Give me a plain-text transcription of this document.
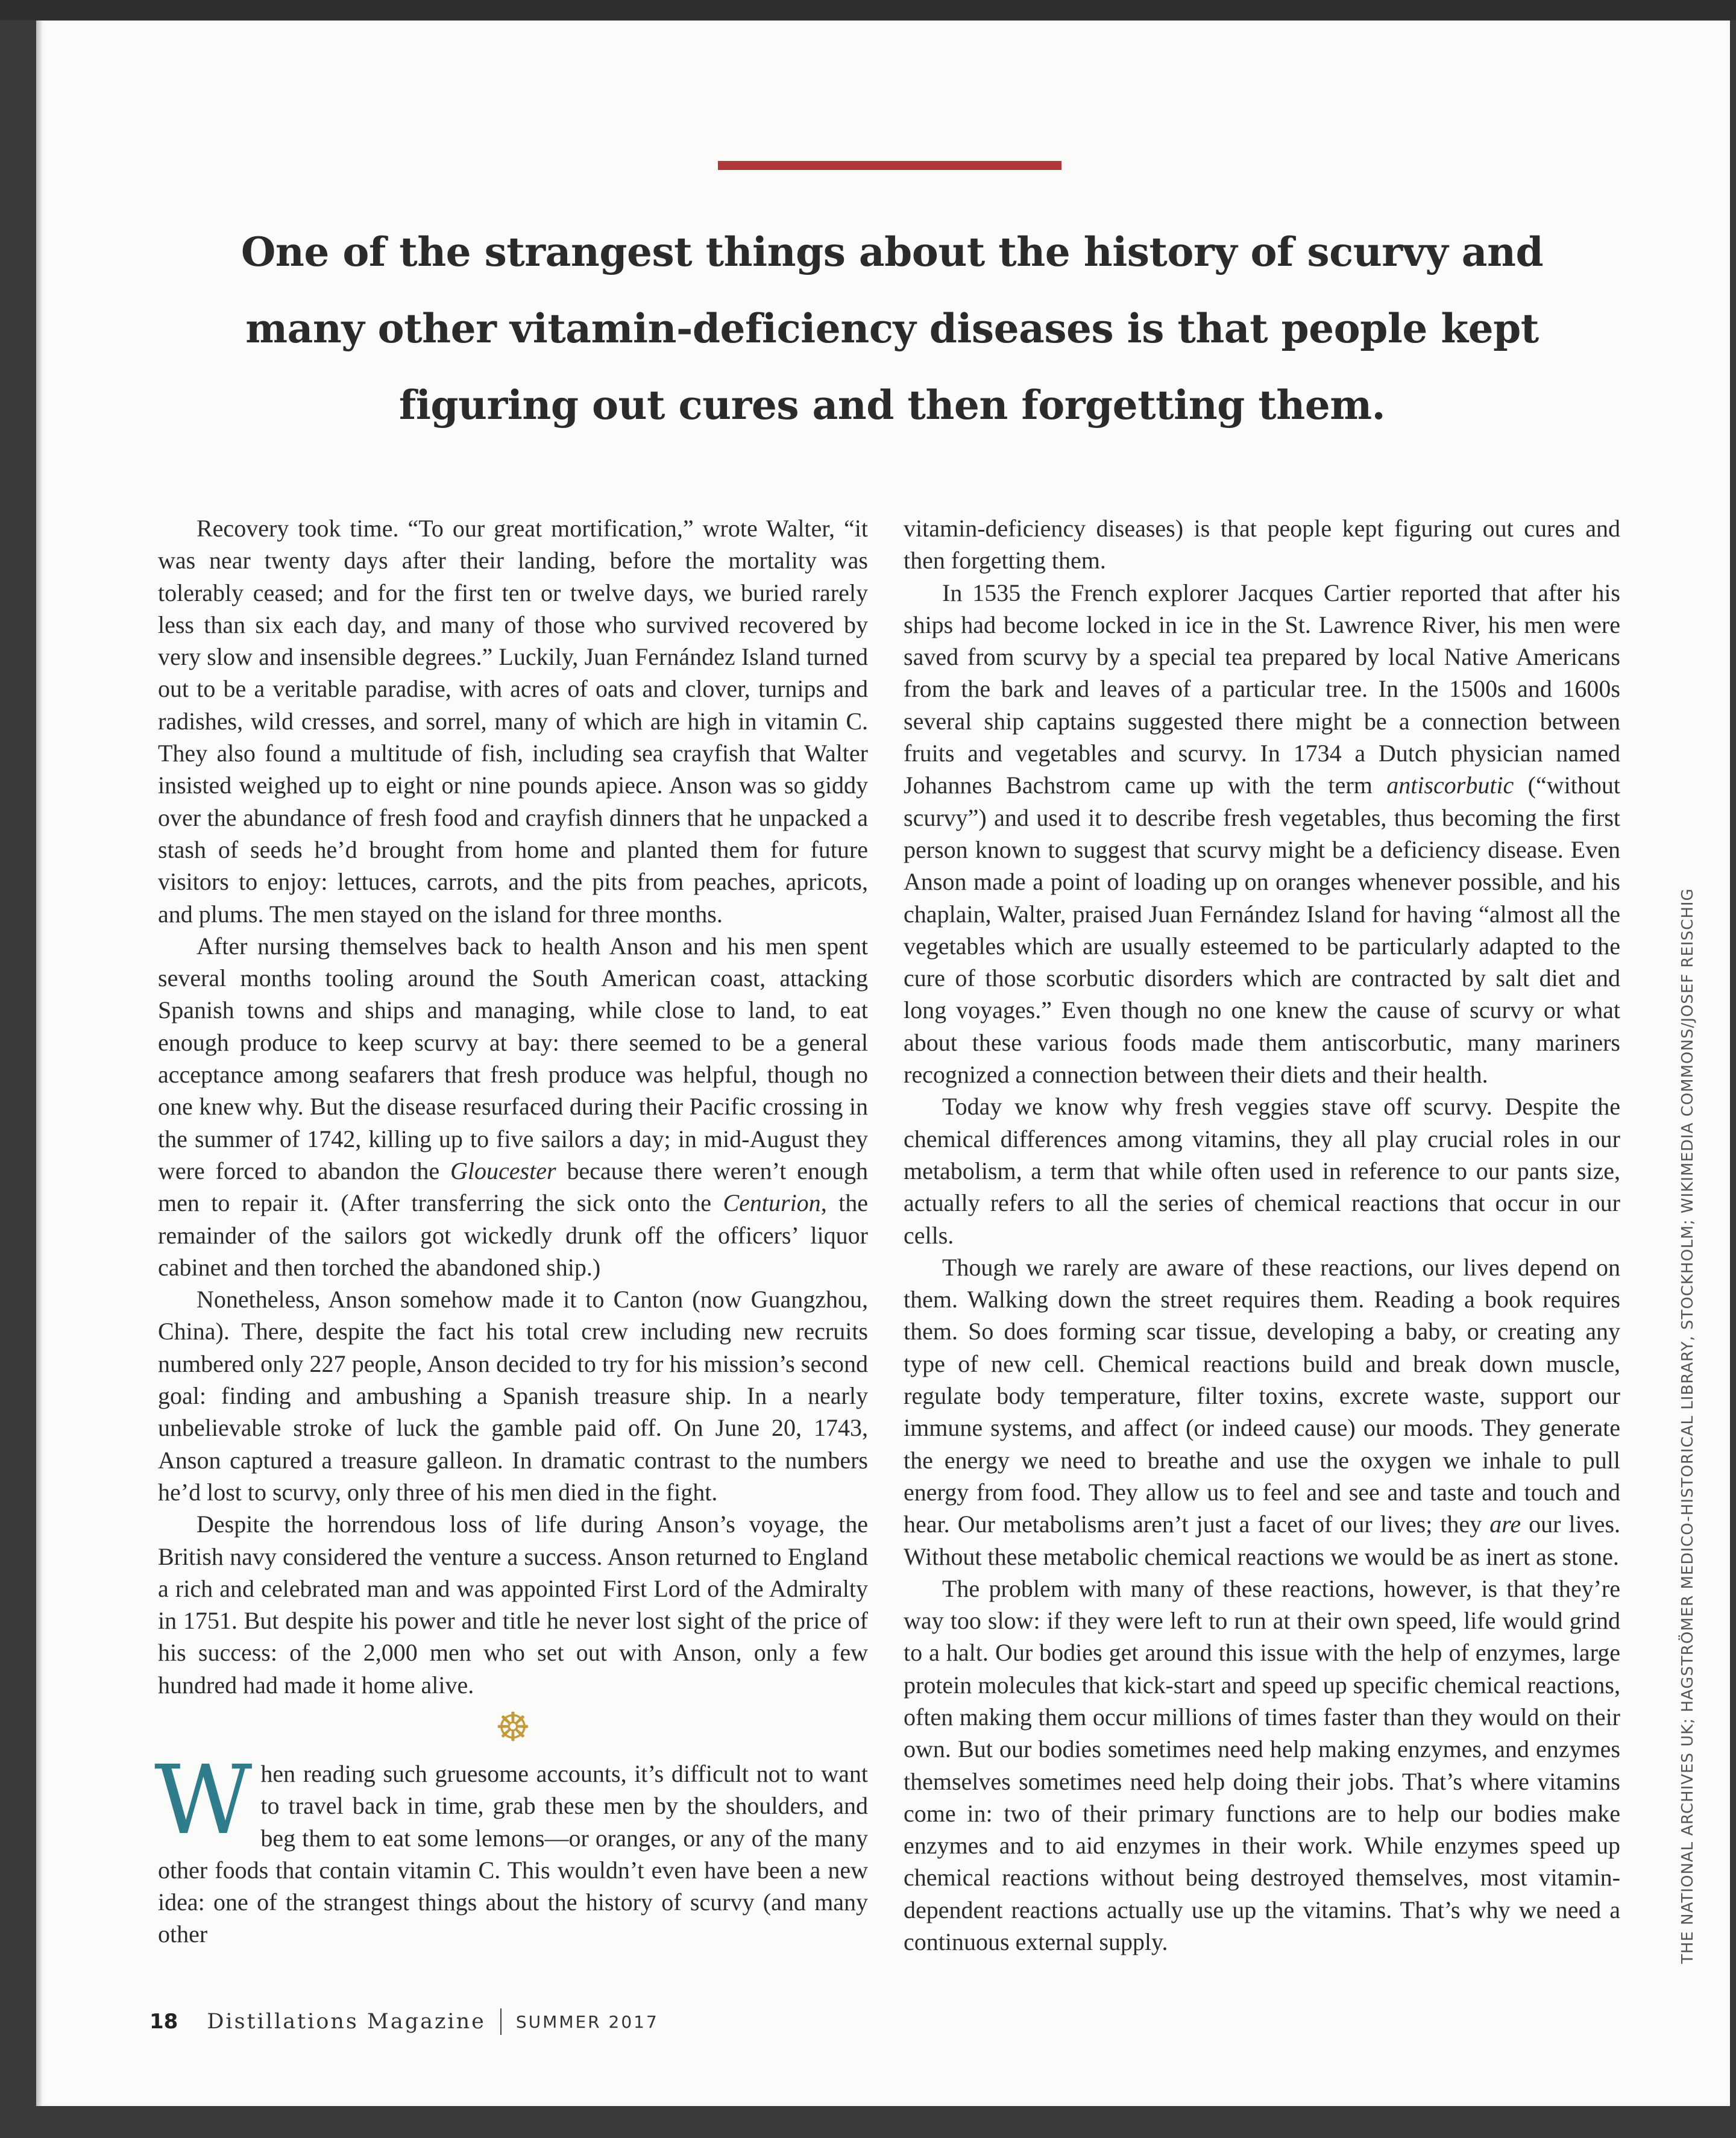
One of the strangest things about the history of scurvy and many other vitamin-deficiency diseases is that people kept figuring out cures and then forgetting them.

Recovery took time. “To our great mortification,” wrote Walter, “it was near twenty days after their landing, before the mortality was tolerably ceased; and for the first ten or twelve days, we buried rarely less than six each day, and many of those who survived recovered by very slow and insensible degrees.” Luckily, Juan Fernández Island turned out to be a veritable paradise, with acres of oats and clover, turnips and radishes, wild cresses, and sorrel, many of which are high in vitamin C. They also found a multitude of fish, including sea crayfish that Walter insisted weighed up to eight or nine pounds apiece. Anson was so giddy over the abundance of fresh food and crayfish dinners that he unpacked a stash of seeds he’d brought from home and planted them for future visitors to enjoy: lettuces, carrots, and the pits from peaches, apricots, and plums. The men stayed on the island for three months.

After nursing themselves back to health Anson and his men spent several months tooling around the South American coast, attacking Spanish towns and ships and managing, while close to land, to eat enough produce to keep scurvy at bay: there seemed to be a general acceptance among seafarers that fresh produce was helpful, though no one knew why. But the disease resurfaced during their Pacific crossing in the summer of 1742, killing up to five sailors a day; in mid-August they were forced to abandon the Gloucester because there weren’t enough men to repair it. (After transferring the sick onto the Centurion, the remainder of the sailors got wickedly drunk off the officers’ liquor cabinet and then torched the abandoned ship.)

Nonetheless, Anson somehow made it to Canton (now Guangzhou, China). There, despite the fact his total crew including new recruits numbered only 227 people, Anson decided to try for his mission’s second goal: finding and ambushing a Spanish treasure ship. In a nearly unbelievable stroke of luck the gamble paid off. On June 20, 1743, Anson captured a treasure galleon. In dramatic contrast to the numbers he’d lost to scurvy, only three of his men died in the fight.

Despite the horrendous loss of life during Anson’s voyage, the British navy considered the venture a success. Anson returned to England a rich and celebrated man and was appointed First Lord of the Admiralty in 1751. But despite his power and title he never lost sight of the price of his success: of the 2,000 men who set out with Anson, only a few hundred had made it home alive.

☸

When reading such gruesome accounts, it’s difficult not to want to travel back in time, grab these men by the shoulders, and beg them to eat some lemons—or oranges, or any of the many other foods that contain vitamin C. This wouldn’t even have been a new idea: one of the strangest things about the history of scurvy (and many other

vitamin-deficiency diseases) is that people kept figuring out cures and then forgetting them.

In 1535 the French explorer Jacques Cartier reported that after his ships had become locked in ice in the St. Lawrence River, his men were saved from scurvy by a special tea prepared by local Native Americans from the bark and leaves of a particular tree. In the 1500s and 1600s several ship captains suggested there might be a connection between fruits and vegetables and scurvy. In 1734 a Dutch physician named Johannes Bachstrom came up with the term antiscorbutic (“without scurvy”) and used it to describe fresh vegetables, thus becoming the first person known to suggest that scurvy might be a deficiency disease. Even Anson made a point of loading up on oranges whenever possible, and his chaplain, Walter, praised Juan Fernández Island for having “almost all the vegetables which are usually esteemed to be particularly adapted to the cure of those scorbutic disorders which are contracted by salt diet and long voyages.” Even though no one knew the cause of scurvy or what about these various foods made them antiscorbutic, many mariners recognized a connection between their diets and their health.

Today we know why fresh veggies stave off scurvy. Despite the chemical differences among vitamins, they all play crucial roles in our metabolism, a term that while often used in reference to our pants size, actually refers to all the series of chemical reactions that occur in our cells.

Though we rarely are aware of these reactions, our lives depend on them. Walking down the street requires them. Reading a book requires them. So does forming scar tissue, developing a baby, or creating any type of new cell. Chemical reactions build and break down muscle, regulate body temperature, filter toxins, excrete waste, support our immune systems, and affect (or indeed cause) our moods. They generate the energy we need to breathe and use the oxygen we inhale to pull energy from food. They allow us to feel and see and taste and touch and hear. Our metabolisms aren’t just a facet of our lives; they are our lives. Without these metabolic chemical reactions we would be as inert as stone.

The problem with many of these reactions, however, is that they’re way too slow: if they were left to run at their own speed, life would grind to a halt. Our bodies get around this issue with the help of enzymes, large protein molecules that kick-start and speed up specific chemical reactions, often making them occur millions of times faster than they would on their own. But our bodies sometimes need help making enzymes, and enzymes themselves sometimes need help doing their jobs. That’s where vitamins come in: two of their primary functions are to help our bodies make enzymes and to aid enzymes in their work. While enzymes speed up chemical reactions without being destroyed themselves, most vitamin-dependent reactions actually use up the vitamins. That’s why we need a continuous external supply.	THE NATIONAL ARCHIVES UK; HAGSTRÖMER MEDICO-HISTORICAL LIBRARY, STOCKHOLM; WIKIMEDIA COMMONS/JOSEF REISCHIG
18 Distillations Magazine SUMMER 2017
